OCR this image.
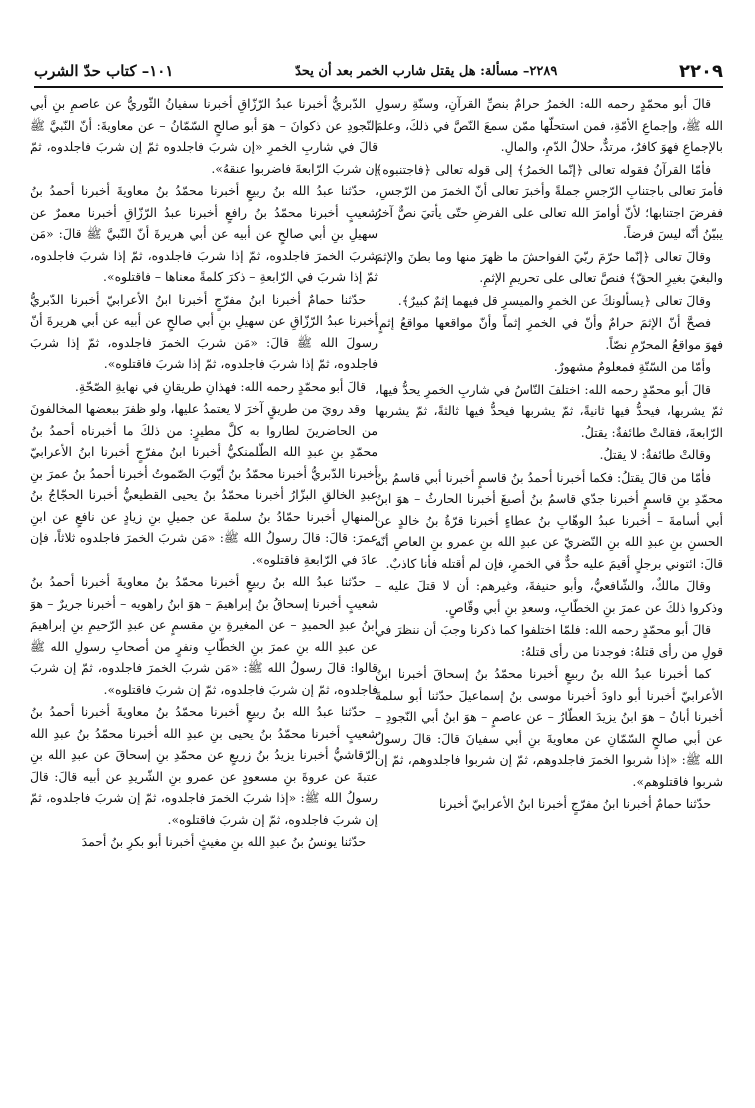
٢٢٠٩
٢٢٨٩– مسألة: هل يقتل شارب الخمر بعد أن يحدّ
١٠١– كتاب حدّ الشرب

قالَ أبو محمّدٍ رحمه الله: الخمرُ حرامٌ بنصِّ القرآنِ، وسنّةِ رسولِ الله ﷺ، وإجماعِ الأمّةِ، فمن استحلّها ممّن سمعَ النّصَّ في ذلكَ، وعلمَ بالإجماعِ فهوَ كافرٌ، مرتدٌّ، حلالُ الدّمِ، والمالِ.

فأمّا القرآنُ فقوله تعالى ﴿إنّما الخمرُ﴾ إلى قوله تعالى ﴿فاجتنبوه﴾ فأمرَ تعالى باجتنابِ الرّجسِ جملةً وأخبرَ تعالى أنّ الخمرَ من الرّجسِ، ففرضَ اجتنابها؛ لأنّ أوامرَ الله تعالى على الفرضِ حتّى يأتيَ نصٌّ آخرُ يبيّنُ أنّه ليسَ فرضاً.

وقالَ تعالى ﴿إنّما حرّمَ ربّيَ الفواحشَ ما ظهرَ منها وما بطنَ والإثمَ والبغيَ بغيرِ الحقّ﴾ فنصَّ تعالى على تحريمِ الإثمِ.

وقالَ تعالى ﴿يسألونكَ عن الخمرِ والميسرِ قل فيهما إثمٌ كبيرٌ﴾.

فصحَّ أنّ الإثمَ حرامٌ وأنّ في الخمرِ إثماً وأنّ مواقعها مواقعُ إثمٍ، فهوَ مواقعُ المحرّمِ نصّاً.

وأمّا من السّنّةِ فمعلومٌ مشهورٌ.

قالَ أبو محمّدٍ رحمه الله: اختلفَ النّاسُ في شاربِ الخمرِ يحدُّ فيها، ثمّ يشربها، فيحدُّ فيها ثانيةً، ثمّ يشربها فيحدُّ فيها ثالثةً، ثمّ يشربها الرّابعةَ، فقالتْ طائفةٌ: يقتلُ.

وقالتْ طائفةٌ: لا يقتلُ.

فأمّا من قالَ يقتلُ: فكما أخبرنا أحمدُ بنُ قاسمٍ أخبرنا أبي قاسمُ بنُ محمّدِ بنِ قاسمٍ أخبرنا جدّي قاسمُ بنُ أصبغَ أخبرنا الحارثُ – هوَ ابنُ أبي أسامةَ – أخبرنا عبدُ الوهّابِ بنُ عطاءٍ أخبرنا قرّةُ بنُ خالدٍ عن الحسنِ بنِ عبدِ الله بنِ النّضريّ عن عبدِ الله بنِ عمرو بنِ العاصِ أنّه قالَ: ائتوني برجلٍ أقيمَ عليه حدٌّ في الخمرِ، فإن لم أقتله فأنا كاذبٌ.

وقالَ مالكٌ، والشّافعيُّ، وأبو حنيفةَ، وغيرهم: أن لا قتلَ عليه – وذكروا ذلكَ عن عمرَ بنِ الخطّابِ، وسعدِ بنِ أبي وقّاصٍ.

قالَ أبو محمّدٍ رحمه الله: فلمّا اختلفوا كما ذكرنا وجبَ أن ننظرَ في قولِ من رأى قتلهُ: فوجدنا من رأى قتلهُ:

كما أخبرنا عبدُ الله بنُ ربيعٍ أخبرنا محمّدُ بنُ إسحاقَ أخبرنا ابنُ الأعرابيّ أخبرنا أبو داودَ أخبرنا موسى بنُ إسماعيلَ حدّثنا أبو سلمةَ أخبرنا أبانُ – هوَ ابنُ يزيدَ العطّارُ – عن عاصمٍ – هوَ ابنُ أبي النّجودِ – عن أبي صالحٍ السّمّانِ عن معاويةَ بنِ أبي سفيانَ قالَ: قالَ رسولُ الله ﷺ: «إذا شربوا الخمرَ فاجلدوهم، ثمّ إن شربوا فاجلدوهم، ثمّ إن شربوا فاقتلوهم».

حدّثنا حمامٌ أخبرنا ابنُ مفرّجٍ أخبرنا ابنُ الأعرابيّ أخبرنا

الدّبريُّ أخبرنا عبدُ الرّزّاقِ أخبرنا سفيانُ الثّوريُّ عن عاصمِ بنِ أبي النّجودِ عن ذكوانَ – هوَ أبو صالحٍ السّمّانُ – عن معاويةَ: أنّ النّبيَّ ﷺ قالَ في شاربِ الخمرِ «إن شربَ فاجلدوه ثمّ إن شربَ فاجلدوه، ثمّ إن شربَ الرّابعةَ فاضربوا عنقهُ».

حدّثنا عبدُ الله بنُ ربيعٍ أخبرنا محمّدُ بنُ معاويةَ أخبرنا أحمدُ بنُ شعيبٍ أخبرنا محمّدُ بنُ رافعٍ أخبرنا عبدُ الرّزّاقِ أخبرنا معمرٌ عن سهيلِ بنِ أبي صالحٍ عن أبيه عن أبي هريرةَ أنّ النّبيَّ ﷺ قالَ: «مَن شربَ الخمرَ فاجلدوه، ثمّ إذا شربَ فاجلدوه، ثمّ إذا شربَ فاجلدوه، ثمّ إذا شربَ في الرّابعةِ – ذكرَ كلمةً معناها – فاقتلوه».

حدّثنا حمامٌ أخبرنا ابنُ مفرّجٍ أخبرنا ابنُ الأعرابيّ أخبرنا الدّبريُّ أخبرنا عبدُ الرّزّاقِ عن سهيلِ بنِ أبي صالحٍ عن أبيه عن أبي هريرةَ أنّ رسولَ الله ﷺ قالَ: «مَن شربَ الخمرَ فاجلدوه، ثمّ إذا شربَ فاجلدوه، ثمّ إذا شربَ فاجلدوه، ثمّ إذا شربَ فاقتلوه».

قالَ أبو محمّدٍ رحمه الله: فهذانِ طريقانِ في نهايةِ الصّحّةِ.

وقد رويَ من طريقٍ آخرَ لا يعتمدُ عليها، ولو ظفرَ ببعضها المخالفونَ من الحاضرينَ لطاروا به كلَّ مطيرٍ: من ذلكَ ما أخبرناه أحمدُ بنُ محمّدِ بنِ عبدِ الله الطّلمنكيُّ أخبرنا ابنُ مفرّجٍ أخبرنا ابنُ الأعرابيّ أخبرنا الدّبريُّ أخبرنا محمّدُ بنُ أيّوبَ الصّموتُ أخبرنا أحمدُ بنُ عمرَ بنِ عبدِ الخالقِ البزّارُ أخبرنا محمّدُ بنُ يحيى القطيعيُّ أخبرنا الحجّاجُ بنُ المنهالِ أخبرنا حمّادُ بنُ سلمةَ عن جميلِ بنِ زيادٍ عن نافعٍ عن ابنِ عمرَ: قالَ: قالَ رسولُ الله ﷺ: «مَن شربَ الخمرَ فاجلدوه ثلاثاً، فإن عادَ في الرّابعةِ فاقتلوه».

حدّثنا عبدُ الله بنُ ربيعٍ أخبرنا محمّدُ بنُ معاويةَ أخبرنا أحمدُ بنُ شعيبٍ أخبرنا إسحاقُ بنُ إبراهيمَ – هوَ ابنُ راهويه – أخبرنا جريرٌ – هوَ ابنُ عبدِ الحميدِ – عن المغيرةِ بنِ مقسمٍ عن عبدِ الرّحيمِ بنِ إبراهيمَ عن عبدِ الله بنِ عمرَ بنِ الخطّابِ ونفرٍ من أصحابِ رسولِ الله ﷺ قالوا: قالَ رسولُ الله ﷺ: «مَن شربَ الخمرَ فاجلدوه، ثمّ إن شربَ فاجلدوه، ثمّ إن شربَ فاجلدوه، ثمّ إن شربَ فاقتلوه».

حدّثنا عبدُ الله بنُ ربيعٍ أخبرنا محمّدُ بنُ معاويةَ أخبرنا أحمدُ بنُ شعيبٍ أخبرنا محمّدُ بنُ يحيى بنِ عبدِ الله أخبرنا محمّدُ بنُ عبدِ الله الرّقاشيُّ أخبرنا يزيدُ بنُ زريعٍ عن محمّدِ بنِ إسحاقَ عن عبدِ الله بنِ عتبةَ عن عروةَ بنِ مسعودٍ عن عمرو بنِ الشّريدِ عن أبيه قالَ: قالَ رسولُ الله ﷺ: «إذا شربَ الخمرَ فاجلدوه، ثمّ إن شربَ فاجلدوه، ثمّ إن شربَ فاجلدوه، ثمّ إن شربَ فاقتلوه».

حدّثنا يونسُ بنُ عبدِ الله بنِ مغيثٍ أخبرنا أبو بكرِ بنُ أحمدَ
